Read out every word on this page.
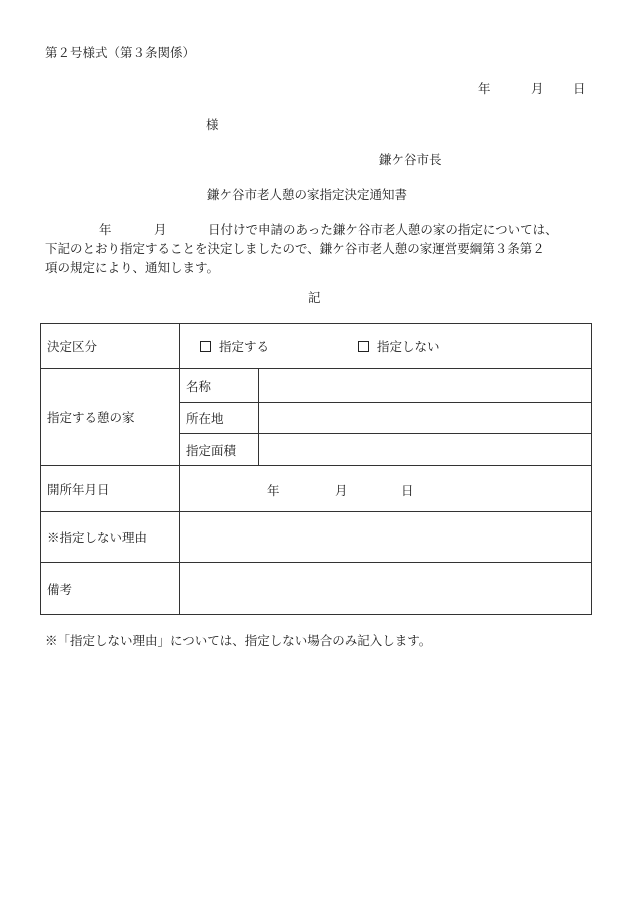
第２号様式（第３条関係）
年	月 日
様
鎌ケ谷市長
鎌ケ谷市老人憩の家指定決定通知書
年	月	日付けで申請のあった鎌ケ谷市老人憩の家の指定については、
下記のとおり指定することを決定しましたので、鎌ケ谷市老人憩の家運営要綱第３条第２
項の規定により、通知します。
記
決定区分	指定する 指定しない	
指定する憩の家	名称	
	所在地	
	指定面積	
開所年月日	年 月 日	

※指定しない理由		
備考		
※「指定しない理由」については、指定しない場合のみ記入します。
